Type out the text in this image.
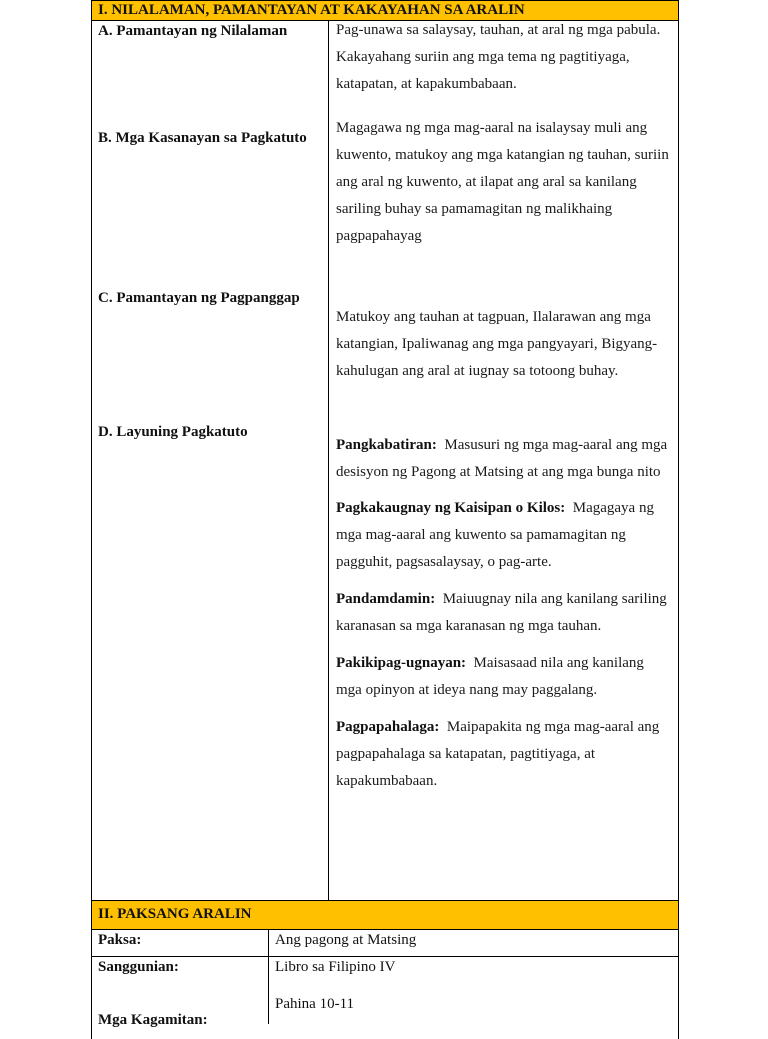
I. NILALAMAN, PAMANTAYAN AT KAKAYAHAN SA ARALIN
A. Pamantayan ng Nilalaman
B. Mga Kasanayan sa Pagkatuto
C. Pamantayan ng Pagpanggap
D. Layuning Pagkatuto
Pag-unawa sa salaysay, tauhan, at aral ng mga pabula. Kakayahang suriin ang mga tema ng pagtitiyaga, katapatan, at kapakumbabaan.
Magagawa ng mga mag-aaral na isalaysay muli ang kuwento, matukoy ang mga katangian ng tauhan, suriin ang aral ng kuwento, at ilapat ang aral sa kanilang sariling buhay sa pamamagitan ng malikhaing pagpapahayag
Matukoy ang tauhan at tagpuan, Ilalarawan ang mga katangian, Ipaliwanag ang mga pangyayari, Bigyang-kahulugan ang aral at iugnay sa totoong buhay.
Pangkabatiran: Masusuri ng mga mag-aaral ang mga desisyon ng Pagong at Matsing at ang mga bunga nito
Pagkakaugnay ng Kaisipan o Kilos: Magagaya ng mga mag-aaral ang kuwento sa pamamagitan ng pagguhit, pagsasalaysay, o pag-arte.
Pandamdamin: Maiuugnay nila ang kanilang sariling karanasan sa mga karanasan ng mga tauhan.
Pakikipag-ugnayan: Maisasaad nila ang kanilang mga opinyon at ideya nang may paggalang.
Pagpapahalaga: Maipapakita ng mga mag-aaral ang pagpapahalaga sa katapatan, pagtitiyaga, at kapakumbabaan.
II. PAKSANG ARALIN
Paksa:	Ang pagong at Matsing
Sanggunian:	Libro sa Filipino IV
Pahina 10-11
Mga Kagamitan:
